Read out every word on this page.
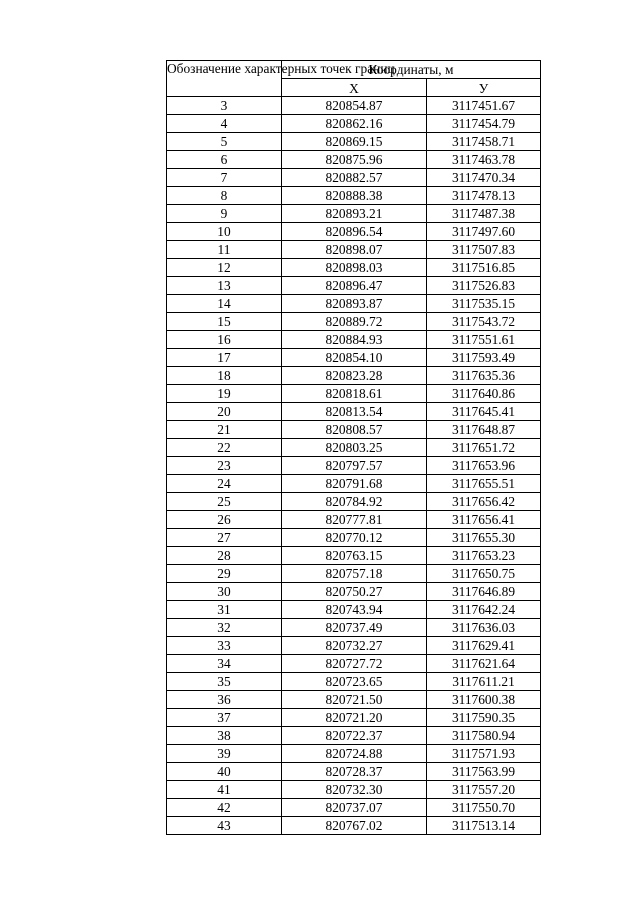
Обозначение характерных точек границ	Координаты, м	
	X	У
3	820854.87	3117451.67
4	820862.16	3117454.79
5	820869.15	3117458.71
6	820875.96	3117463.78
7	820882.57	3117470.34
8	820888.38	3117478.13
9	820893.21	3117487.38
10	820896.54	3117497.60
11	820898.07	3117507.83
12	820898.03	3117516.85
13	820896.47	3117526.83
14	820893.87	3117535.15
15	820889.72	3117543.72
16	820884.93	3117551.61
17	820854.10	3117593.49
18	820823.28	3117635.36
19	820818.61	3117640.86
20	820813.54	3117645.41
21	820808.57	3117648.87
22	820803.25	3117651.72
23	820797.57	3117653.96
24	820791.68	3117655.51
25	820784.92	3117656.42
26	820777.81	3117656.41
27	820770.12	3117655.30
28	820763.15	3117653.23
29	820757.18	3117650.75
30	820750.27	3117646.89
31	820743.94	3117642.24
32	820737.49	3117636.03
33	820732.27	3117629.41
34	820727.72	3117621.64
35	820723.65	3117611.21
36	820721.50	3117600.38
37	820721.20	3117590.35
38	820722.37	3117580.94
39	820724.88	3117571.93
40	820728.37	3117563.99
41	820732.30	3117557.20
42	820737.07	3117550.70
43	820767.02	3117513.14
